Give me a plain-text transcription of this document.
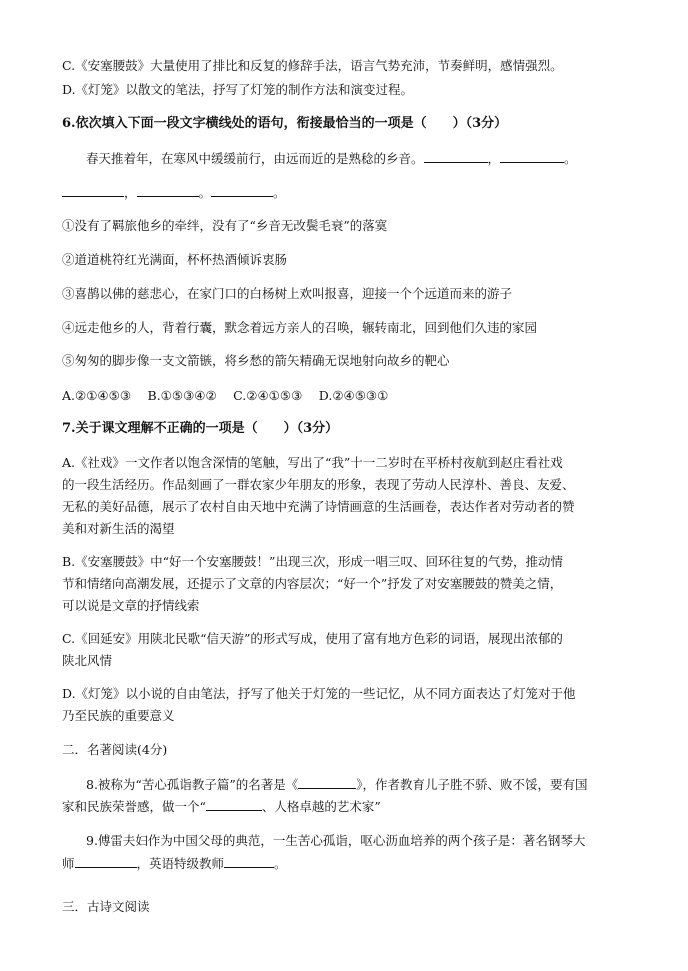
C.《安塞腰鼓》大量使用了排比和反复的修辞手法，语言气势充沛，节奏鲜明，感情强烈。
D.《灯笼》以散文的笔法，抒写了灯笼的制作方法和演变过程。
6.依次填入下面一段文字横线处的语句，衔接最恰当的一项是（　　）（3分）
春天推着年，在寒风中缓缓前行，由远而近的是熟稔的乡音。	，	。
，	。	。
①没有了羁旅他乡的牵绊，没有了“乡音无改鬓毛衰”的落寞
②道道桃符红光满面，杯杯热酒倾诉衷肠
③喜鹊以佛的慈悲心，在家门口的白杨树上欢叫报喜，迎接一个个远道而来的游子
④远走他乡的人，背着行囊，默念着远方亲人的召唤，辗转南北，回到他们久违的家园
⑤匆匆的脚步像一支文箭镞，将乡愁的箭矢精确无误地射向故乡的靶心
A.②①④⑤③　 B.①⑤③④②　 C.②④①⑤③　 D.②④⑤③①
7.关于课文理解不正确的一项是（　　）（3分）
A.《社戏》一文作者以饱含深情的笔触，写出了“我”十一二岁时在平桥村夜航到赵庄看社戏
的一段生活经历。作品刻画了一群农家少年朋友的形象，表现了劳动人民淳朴、善良、友爱、
无私的美好品德，展示了农村自由天地中充满了诗情画意的生活画卷，表达作者对劳动者的赞
美和对新生活的渴望
B.《安塞腰鼓》中“好一个安塞腰鼓！”出现三次，形成一唱三叹、回环往复的气势，推动情
节和情绪向高潮发展，还提示了文章的内容层次；“好一个”抒发了对安塞腰鼓的赞美之情，
可以说是文章的抒情线索
C.《回延安》用陕北民歌“信天游”的形式写成，使用了富有地方色彩的词语，展现出浓郁的
陕北风情
D.《灯笼》以小说的自由笔法，抒写了他关于灯笼的一些记忆，从不同方面表达了灯笼对于他
乃至民族的重要意义
二．名著阅读(4分)
8.被称为“苦心孤诣教子篇”的名著是《	》，作者教育儿子胜不骄、败不馁，要有国
家和民族荣誉感，做一个“	、人格卓越的艺术家”
9.傅雷夫妇作为中国父母的典范，一生苦心孤诣，呕心沥血培养的两个孩子是：著名钢琴大
师	，英语特级教师	。
三．古诗文阅读
